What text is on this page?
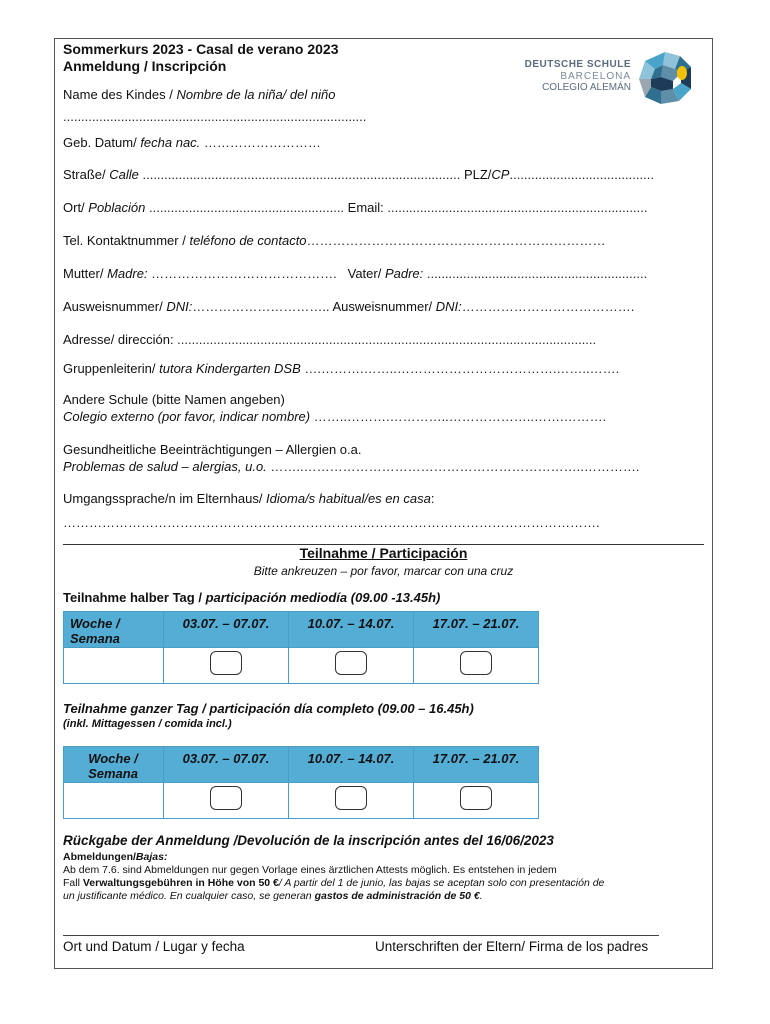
Sommerkurs 2023 - Casal de verano 2023
Anmeldung / Inscripción	DEUTSCHE SCHULE
BARCELONA
COLEGIO ALEMÁN
Name des Kindes / Nombre de la niña/ del niño
....................................................................................
Geb. Datum/ fecha nac. ………………………
Straße/ Calle ........................................................................................ PLZ/CP........................................
Ort/ Población ...................................................... Email: ........................................................................
Tel. Kontaktnummer / teléfono de contacto……………………………………………………………
Mutter/ Madre: …………………………………….   Vater/ Padre: .............................................................
Ausweisnummer/ DNI:………………………….. Ausweisnummer/ DNI:………………………………….
Adresse/ dirección: ....................................................................................................................
Gruppenleiterin/ tutora Kindergarten DSB ….……….……..……………………………….……..…….
Andere Schule (bitte Namen angeben)
Colegio externo (por favor, indicar nombre) ……..……….…………..………………..…….……….
Gesundheitliche Beeinträchtigungen – Allergien o.a.
Problemas de salud – alergias, u.o. ……..………………………………………………………..………….
Umgangssprache/n im Elternhaus/ Idioma/s habitual/es en casa:
…………………………………………………………………………………………………………….
Teilnahme / Participación
Bitte ankreuzen – por favor, marcar con una cruz
Teilnahme halber Tag / participación mediodía (09.00 -13.45h)
Woche /
Semana	03.07. – 07.07.	10.07. – 14.07.	17.07. – 21.07.

Teilnahme ganzer Tag / participación día completo (09.00 – 16.45h)
(inkl. Mittagessen / comida incl.)
Woche /
Semana	03.07. – 07.07.	10.07. – 14.07.	17.07. – 21.07.

Rückgabe der Anmeldung /Devolución de la inscripción antes del 16/06/2023
Abmeldungen/Bajas:
Ab dem 7.6. sind Abmeldungen nur gegen Vorlage eines ärztlichen Attests möglich. Es entstehen in jedem
Fall Verwaltungsgebühren in Höhe von 50 €/ A partir del 1 de junio, las bajas se aceptan solo con presentación de
un justificante médico. En cualquier caso, se generan gastos de administración de 50 €.
Ort und Datum / Lugar y fecha	Unterschriften der Eltern/ Firma de los padres
